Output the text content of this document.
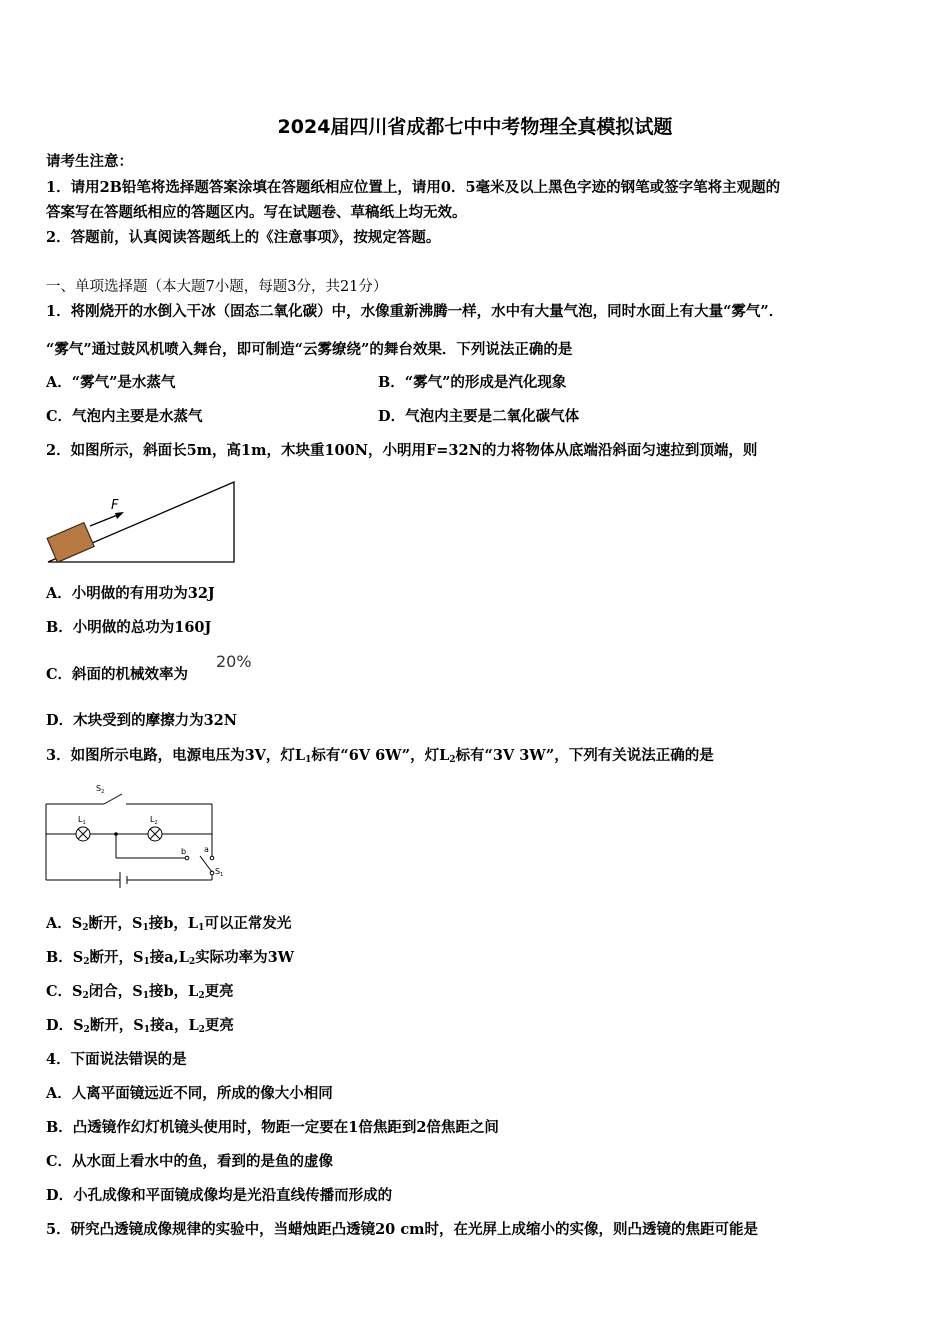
2024届四川省成都七中中考物理全真模拟试题
请考生注意：
1．请用2B铅笔将选择题答案涂填在答题纸相应位置上，请用0．5毫米及以上黑色字迹的钢笔或签字笔将主观题的
答案写在答题纸相应的答题区内。写在试题卷、草稿纸上均无效。
2．答题前，认真阅读答题纸上的《注意事项》，按规定答题。
一、单项选择题（本大题7小题，每题3分，共21分）
1．将刚烧开的水倒入干冰（固态二氧化碳）中，水像重新沸腾一样，水中有大量气泡，同时水面上有大量“雾气”．
“雾气”通过鼓风机喷入舞台，即可制造“云雾缭绕”的舞台效果．下列说法正确的是
A．“雾气”是水蒸气	B．“雾气”的形成是汽化现象
C．气泡内主要是水蒸气	D．气泡内主要是二氧化碳气体
2．如图所示，斜面长5m，高1m，木块重100N，小明用F=32N的力将物体从底端沿斜面匀速拉到顶端，则
F
A．小明做的有用功为32J
B．小明做的总功为160J
C．斜面的机械效率为
20%
D．木块受到的摩擦力为32N
3．如图所示电路，电源电压为3V，灯$L_1$标有“6V 6W”，灯$L_2$标有“3V 3W”，下列有关说法正确的是
$S_2$
$L_1$	$L_2$
b a
$S_1$
A．$S_2$断开，$S_1$接b，$L_1$可以正常发光
B．$S_2$断开，$S_1$接$a,L_2$实际功率为3W
C．$S_2$闭合，$S_1$接b，$L_2$更亮
D．$S_2$断开，$S_1$接a，$L_2$更亮
4．下面说法错误的是
A．人离平面镜远近不同，所成的像大小相同
B．凸透镜作幻灯机镜头使用时，物距一定要在1倍焦距到2倍焦距之间
C．从水面上看水中的鱼，看到的是鱼的虚像
D．小孔成像和平面镜成像均是光沿直线传播而形成的
5．研究凸透镜成像规律的实验中，当蜡烛距凸透镜20 cm时，在光屏上成缩小的实像，则凸透镜的焦距可能是
